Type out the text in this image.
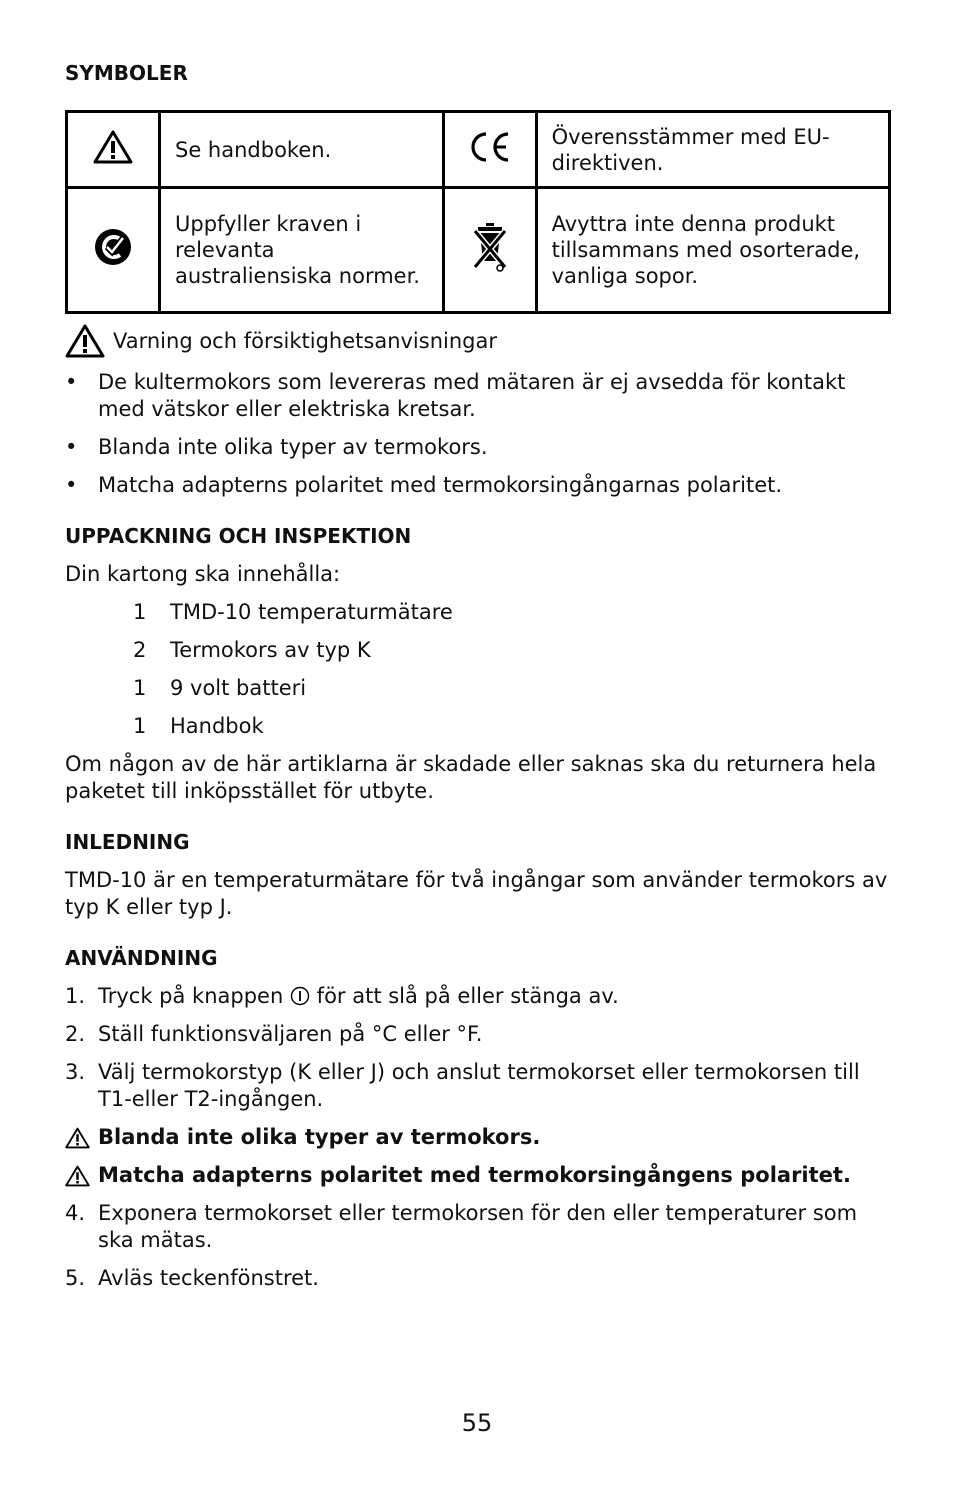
SYMBOLER
	Se handboken.		Överensstämmer med EU-direktiven.
	Uppfyller kraven i relevanta australiensiska normer.		Avyttra inte denna produkt tillsammans med osorterade, vanliga sopor.
Varning och försiktighetsanvisningar
• De kultermokors som levereras med mätaren är ej avsedda för kontakt med vätskor eller elektriska kretsar.
• Blanda inte olika typer av termokors.
• Matcha adapterns polaritet med termokorsingångarnas polaritet.
UPPACKNING OCH INSPEKTION

Din kartong ska innehålla:

1	TMD-10 temperaturmätare
2	Termokors av typ K
1	9 volt batteri
1	Handbok

Om någon av de här artiklarna är skadade eller saknas ska du returnera hela paketet till inköpsstället för utbyte.

INLEDNING

TMD-10 är en temperaturmätare för två ingångar som använder termokors av typ K eller typ J.

ANVÄNDNING
1. Tryck på knappen för att slå på eller stänga av.
2. Ställ funktionsväljaren på °C eller °F.
3. Välj termokorstyp (K eller J) och anslut termokorset eller termokorsen till T1-eller T2-ingången.
Blanda inte olika typer av termokors.
Matcha adapterns polaritet med termokorsingångens polaritet.
4. Exponera termokorset eller termokorsen för den eller temperaturer som ska mätas.
5. Avläs teckenfönstret.
55
